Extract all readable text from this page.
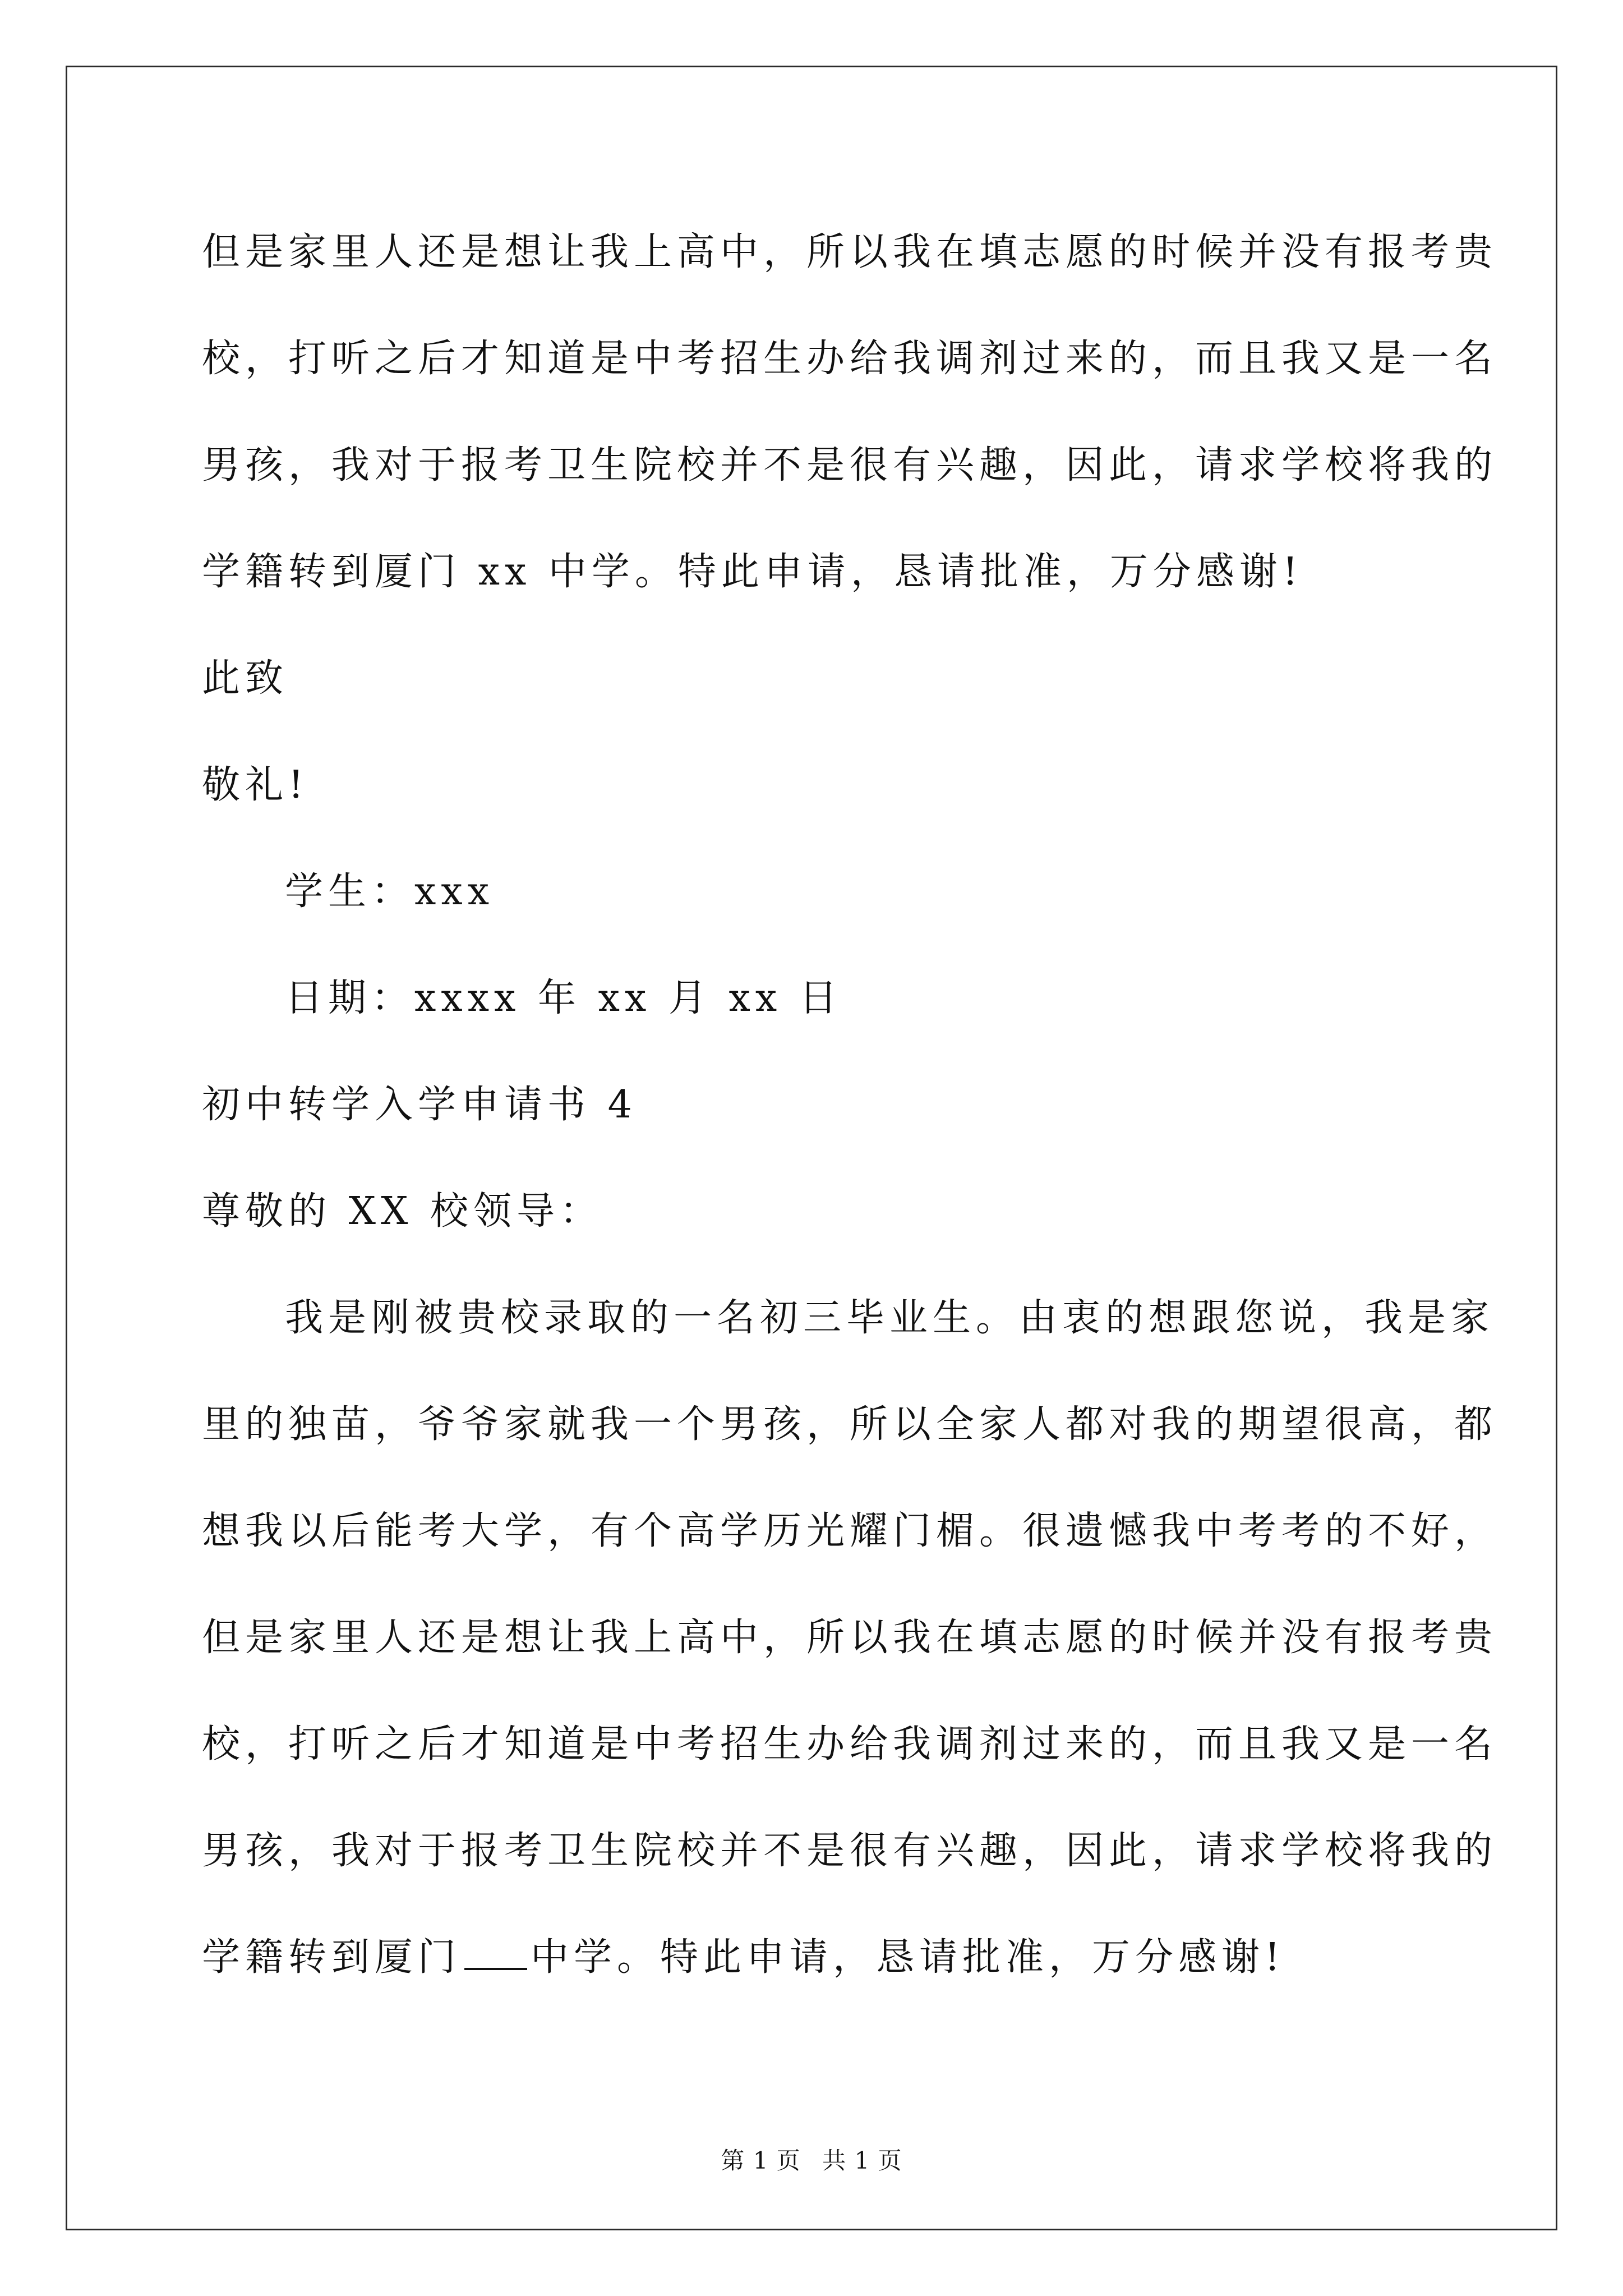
但是家里人还是想让我上高中，所以我在填志愿的时候并没有报考贵
校，打听之后才知道是中考招生办给我调剂过来的，而且我又是一名
男孩，我对于报考卫生院校并不是很有兴趣，因此，请求学校将我的
学籍转到厦门 xx 中学。特此申请，恳请批准，万分感谢!
此致
敬礼!
学生：xxx
日期：xxxx 年 xx 月 xx 日
初中转学入学申请书 4
尊敬的 XX 校领导：
我是刚被贵校录取的一名初三毕业生。由衷的想跟您说，我是家
里的独苗，爷爷家就我一个男孩，所以全家人都对我的期望很高，都
想我以后能考大学，有个高学历光耀门楣。很遗憾我中考考的不好，
但是家里人还是想让我上高中，所以我在填志愿的时候并没有报考贵
校，打听之后才知道是中考招生办给我调剂过来的，而且我又是一名
男孩，我对于报考卫生院校并不是很有兴趣，因此，请求学校将我的
学籍转到厦门 中学。特此申请，恳请批准，万分感谢!
第 1 页 共 1 页
